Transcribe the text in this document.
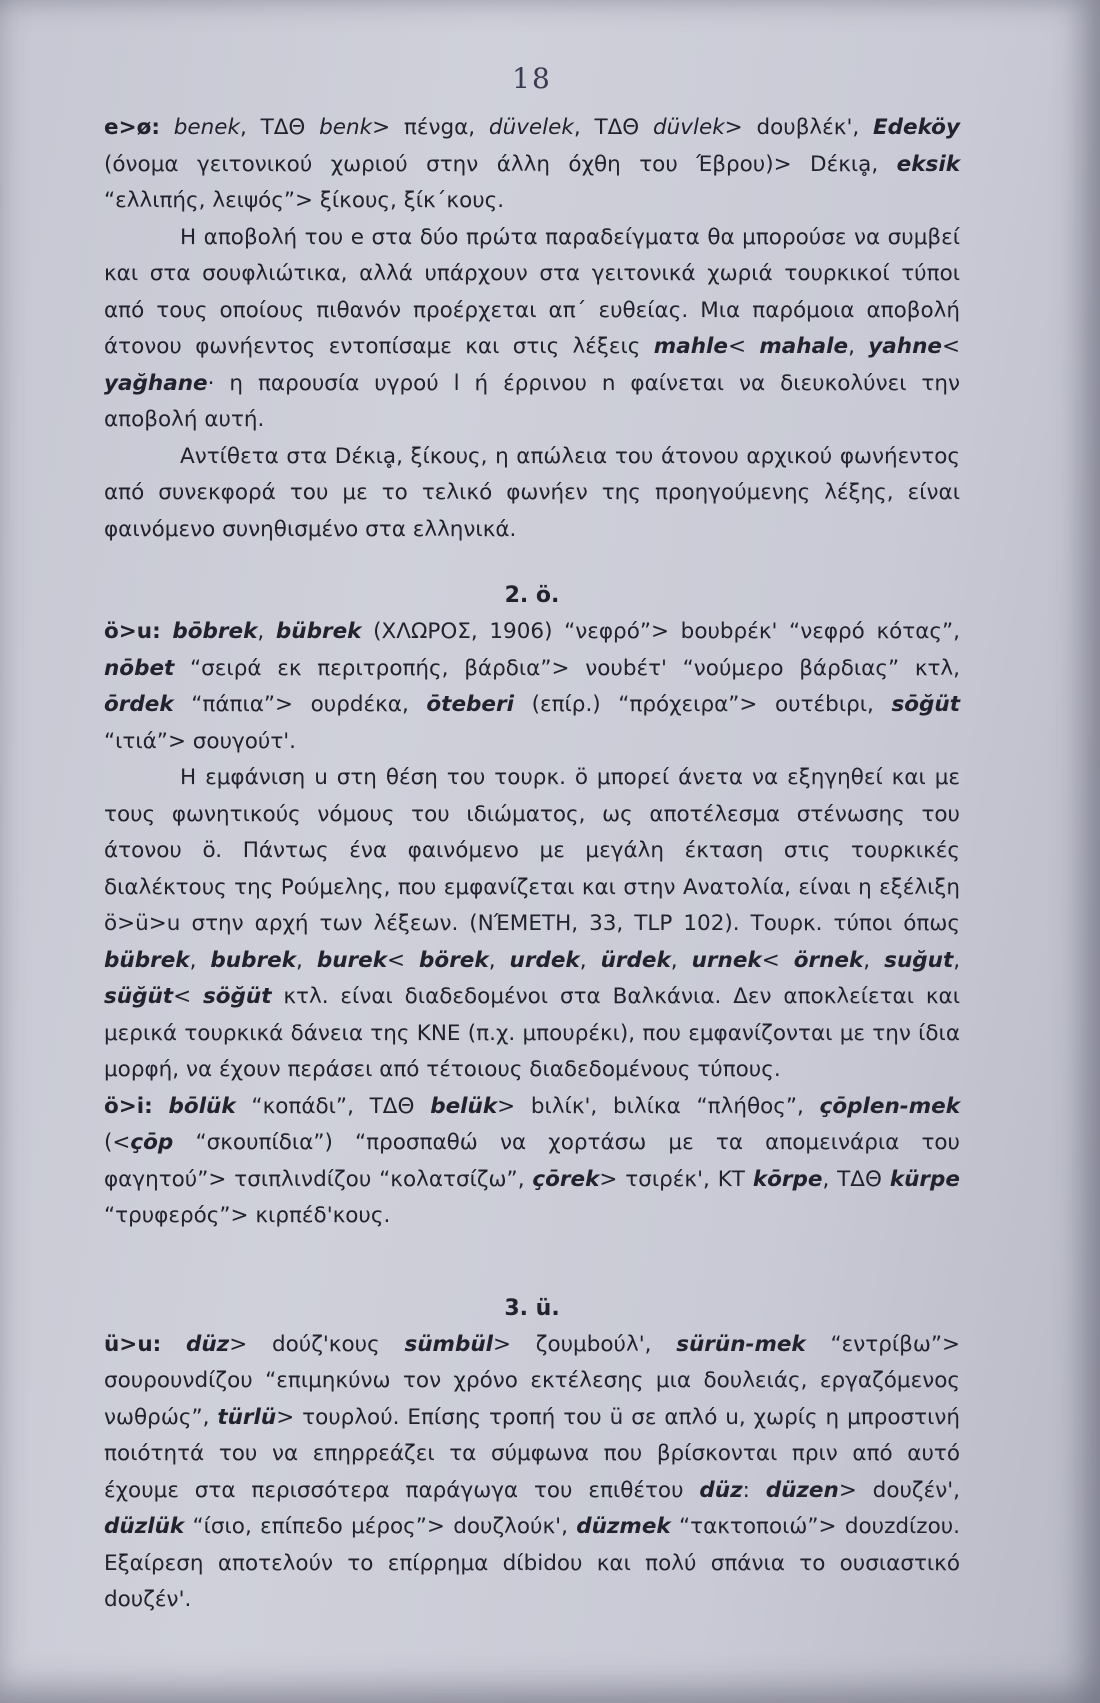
18

e>ø: benek, ΤΔΘ benk> πένgα, düvelek, ΤΔΘ düvlek> dουβλέκ', Edeköy (όνομα γειτονικού χωριού στην άλλη όχθη του Έβρου)> Dέκιḁ, eksik “ελλιπής, λειψός”> ξίκους, ξίκ΄κους.

Η αποβολή του e στα δύο πρώτα παραδείγματα θα μπορούσε να συμβεί και στα σουφλιώτικα, αλλά υπάρχουν στα γειτονικά χωριά τουρκικοί τύποι από τους οποίους πιθανόν προέρχεται απ΄ ευθείας. Μια παρόμοια αποβολή άτονου φωνήεντος εντοπίσαμε και στις λέξεις mahle< mahale, yahne< yağhane· η παρουσία υγρού l ή έρρινου n φαίνεται να διευκολύνει την αποβολή αυτή.

Αντίθετα στα Dέκιḁ, ξίκους, η απώλεια του άτονου αρχικού φωνήεντος από συνεκφορά του με το τελικό φωνήεν της προηγούμενης λέξης, είναι φαινόμενο συνηθισμένο στα ελληνικά.

2. ö.

ö>u: bōbrek, bübrek (ΧΛΩΡΟΣ, 1906) “νεφρό”> bουbρέκ' “νεφρό κότας”, nōbet “σειρά εκ περιτροπής, βάρδια”> νουbέτ' “νούμερο βάρδιας” κτλ, ōrdek “πάπια”> ουρdέκα, ōteberi (επίρ.) “πρόχειρα”> ουτέbιρι, sōğüt “ιτιά”> σουγούτ'.

Η εμφάνιση u στη θέση του τουρκ. ö μπορεί άνετα να εξηγηθεί και με τους φωνητικούς νόμους του ιδιώματος, ως αποτέλεσμα στένωσης του άτονου ö. Πάντως ένα φαινόμενο με μεγάλη έκταση στις τουρκικές διαλέκτους της Ρούμελης, που εμφανίζεται και στην Ανατολία, είναι η εξέλιξη ö>ü>u στην αρχή των λέξεων. (ΝΈΜΕΤΗ, 33, TLP 102). Τουρκ. τύποι όπως bübrek, bubrek, burek< börek, urdek, ürdek, urnek< örnek, suğut, süğüt< söğüt κτλ. είναι διαδεδομένοι στα Βαλκάνια. Δεν αποκλείεται και μερικά τουρκικά δάνεια της ΚΝΕ (π.χ. μπουρέκι), που εμφανίζονται με την ίδια μορφή, να έχουν περάσει από τέτοιους διαδεδομένους τύπους.

ö>i: bōlük “κοπάδι”, ΤΔΘ belük> bιλίκ', bιλίκα “πλήθος”, çōplen-mek (<çōp “σκουπίδια”) “προσπαθώ να χορτάσω με τα απομεινάρια του φαγητού”> τσιπλινdίζου “κολατσίζω”, çōrek> τσιρέκ', ΚΤ kōrpe, ΤΔΘ kürpe “τρυφερός”> κιρπέδ'κους.

3. ü.

ü>u: düz> dούζ'κους sümbül> ζουμbούλ', sürün-mek “εντρίβω”> σουρουνdίζου “επιμηκύνω τον χρόνο εκτέλεσης μια δουλειάς, εργαζόμενος νωθρώς”, türlü> τουρλού. Επίσης τροπή του ü σε απλό u, χωρίς η μπροστινή ποιότητά του να επηρρεάζει τα σύμφωνα που βρίσκονται πριν από αυτό έχουμε στα περισσότερα παράγωγα του επιθέτου düz: düzen> dουζέν', düzlük “ίσιο, επίπεδο μέρος”> dουζλούκ', düzmek “τακτοποιώ”> dουzdίzου. Εξαίρεση αποτελούν το επίρρημα dίbidου και πολύ σπάνια το ουσιαστικό dουζέν'.
